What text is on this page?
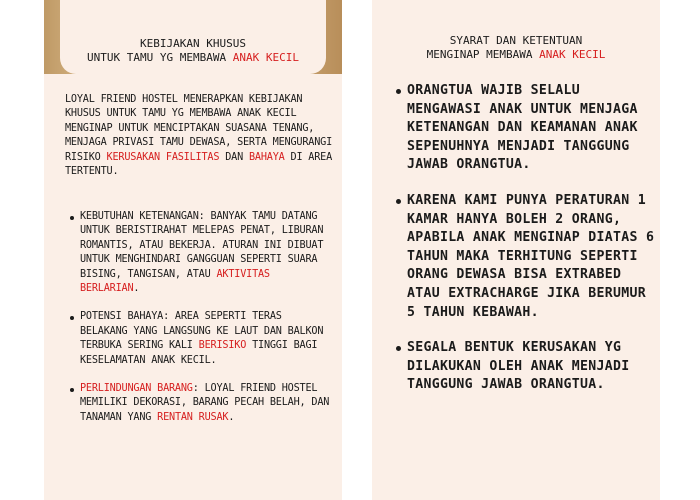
KEBIJAKAN KHUSUS
UNTUK TAMU YG MEMBAWA ANAK KECIL

LOYAL FRIEND HOSTEL MENERAPKAN KEBIJAKAN KHUSUS UNTUK TAMU YG MEMBAWA ANAK KECIL MENGINAP UNTUK MENCIPTAKAN SUASANA TENANG, MENJAGA PRIVASI TAMU DEWASA, SERTA MENGURANGI RISIKO KERUSAKAN FASILITAS DAN BAHAYA DI AREA TERTENTU.

KEBUTUHAN KETENANGAN: BANYAK TAMU DATANG UNTUK BERISTIRAHAT MELEPAS PENAT, LIBURAN ROMANTIS, ATAU BEKERJA. ATURAN INI DIBUAT UNTUK MENGHINDARI GANGGUAN SEPERTI SUARA BISING, TANGISAN, ATAU AKTIVITAS BERLARIAN.
POTENSI BAHAYA: AREA SEPERTI TERAS BELAKANG YANG LANGSUNG KE LAUT DAN BALKON TERBUKA SERING KALI BERISIKO TINGGI BAGI KESELAMATAN ANAK KECIL.
PERLINDUNGAN BARANG: LOYAL FRIEND HOSTEL MEMILIKI DEKORASI, BARANG PECAH BELAH, DAN TANAMAN YANG RENTAN RUSAK.
SYARAT DAN KETENTUAN
MENGINAP MEMBAWA ANAK KECIL
ORANGTUA WAJIB SELALU MENGAWASI ANAK UNTUK MENJAGA KETENANGAN DAN KEAMANAN ANAK SEPENUHNYA MENJADI TANGGUNG JAWAB ORANGTUA.
KARENA KAMI PUNYA PERATURAN 1 KAMAR HANYA BOLEH 2 ORANG, APABILA ANAK MENGINAP DIATAS 6 TAHUN MAKA TERHITUNG SEPERTI ORANG DEWASA BISA EXTRABED ATAU EXTRACHARGE JIKA BERUMUR 5 TAHUN KEBAWAH.
SEGALA BENTUK KERUSAKAN YG DILAKUKAN OLEH ANAK MENJADI TANGGUNG JAWAB ORANGTUA.
